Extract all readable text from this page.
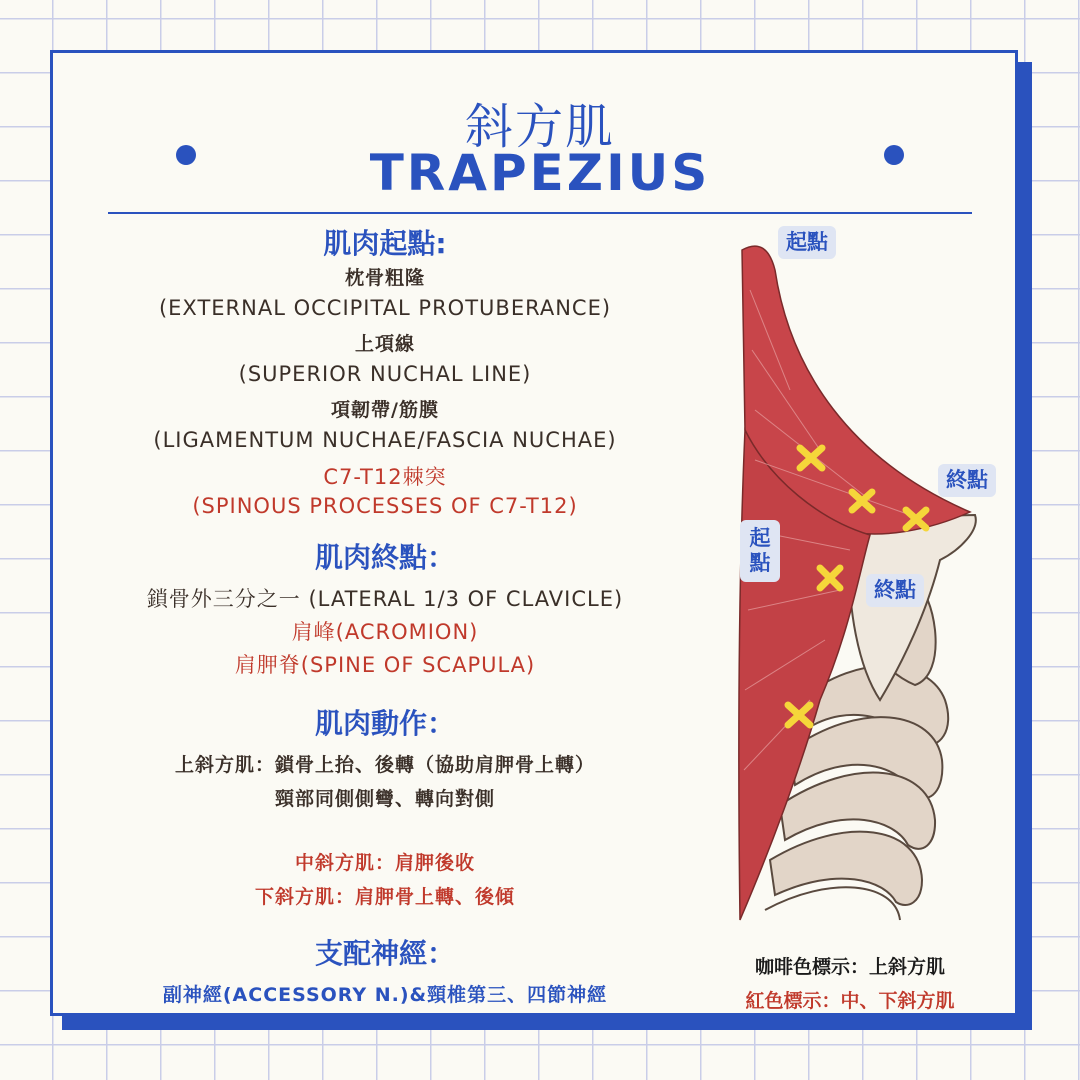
斜方肌
TRAPEZIUS
肌肉起點:
枕骨粗隆
(EXTERNAL OCCIPITAL PROTUBERANCE)
上項線
(SUPERIOR NUCHAL LINE)
項韌帶/筋膜
(LIGAMENTUM NUCHAE/FASCIA NUCHAE)
C7-T12棘突
(SPINOUS PROCESSES OF C7-T12)
肌肉終點：
鎖骨外三分之一 (LATERAL 1/3 OF CLAVICLE)
肩峰(ACROMION)
肩胛脊(SPINE OF SCAPULA)
肌肉動作：
上斜方肌：鎖骨上抬、後轉（協助肩胛骨上轉）
頸部同側側彎、轉向對側
中斜方肌：肩胛後收
下斜方肌：肩胛骨上轉、後傾
支配神經：
副神經(ACCESSORY N.)&頸椎第三、四節神經
起點
終點
起點
終點
咖啡色標示：上斜方肌
紅色標示：中、下斜方肌
